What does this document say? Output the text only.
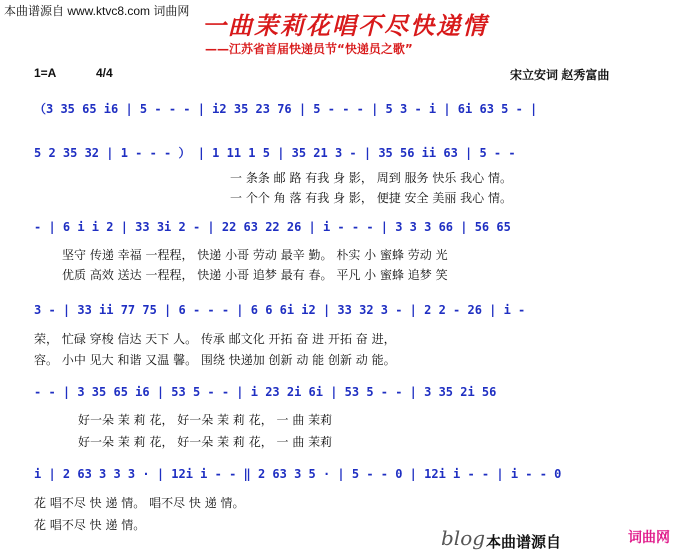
本曲谱源自 www.ktvc8.com 词曲网 一曲茉莉花唱不尽快递情
——江苏省首届快递员节“快递员之歌”
1=A	4/4	宋立安词 赵秀富曲
（3 35 65 i6 | 5 - - - | i2 35 23 76 | 5 - - - | 5 3 - i | 6i 63 5 - |
5 2 35 32 | 1 - - - ） | 1 11 1 5 | 35 21 3 - | 35 56 ii 63 | 5 - -
一 条条 邮 路 有我 身 影， 周到 服务 快乐 我心 情。
一 个个 角 落 有我 身 影， 便捷 安全 美丽 我心 情。
- | 6 i i 2 | 33 3i 2 - | 22 63 22 26 | i - - - | 3 3 3 66 | 56 65
坚守 传递 幸福 一程程， 快递 小哥 劳动 最辛 勤。 朴实 小 蜜蜂 劳动 光
优质 高效 送达 一程程， 快递 小哥 追梦 最有 春。 平凡 小 蜜蜂 追梦 笑
3 - | 33 ii 77 75 | 6 - - - | 6 6 6i i2 | 33 32 3 - | 2 2 - 26 | i -
荣， 忙碌 穿梭 信达 天下 人。 传承 邮文化 开拓 奋 进 开拓 奋 进，
容。 小中 见大 和谐 又温 馨。 围绕 快递加 创新 动 能 创新 动 能。
- - | 3 35 65 i6 | 53 5 - - | i 23 2i 6i | 53 5 - - | 3 35 2i 56
好一朵 茉 莉 花， 好一朵 茉 莉 花， 一 曲 茉莉
好一朵 茉 莉 花， 好一朵 茉 莉 花， 一 曲 茉莉
i | 2 63 3 3 3 · | 12i i - - ‖ 2 63 3 5 · | 5 - - 0 | 12i i - - | i - - 0
花 唱不尽 快 递 情。 唱不尽 快 递 情。
花 唱不尽 快 递 情。
blog 本曲谱源自	词曲网
